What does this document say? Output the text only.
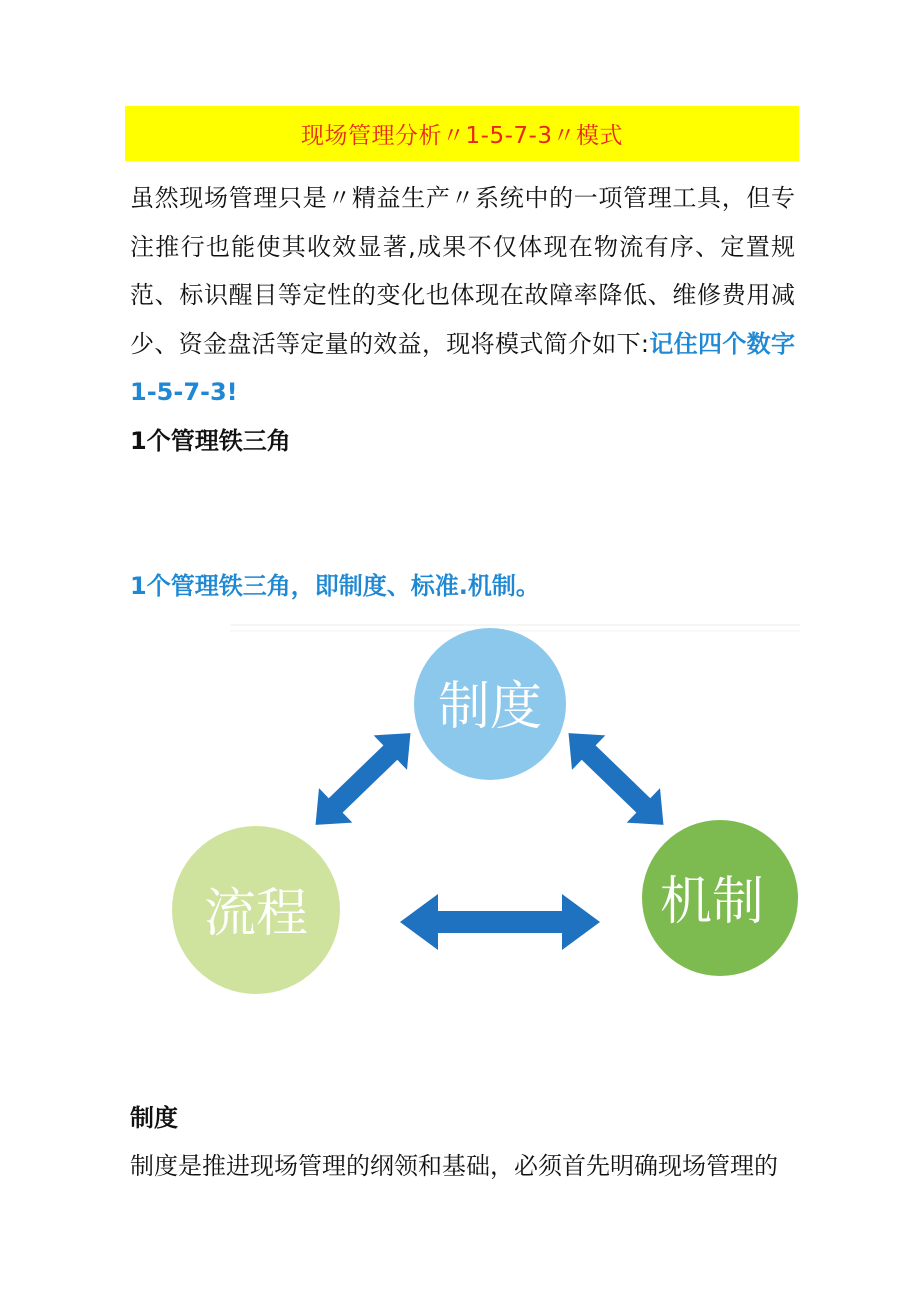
现场管理分析〃1-5-7-3〃模式

虽然现场管理只是〃精益生产〃系统中的一项管理工具，但专注推行也能使其收效显著,成果不仅体现在物流有序、定置规范、标识醒目等定性的变化也体现在故障率降低、维修费用减少、资金盘活等定量的效益，现将模式简介如下:记住四个数字1-5-7-3!

1个管理铁三角

1个管理铁三角，即制度、标准.机制。

制度
机制
流程

制度

制度是推进现场管理的纲领和基础，必须首先明确现场管理的
